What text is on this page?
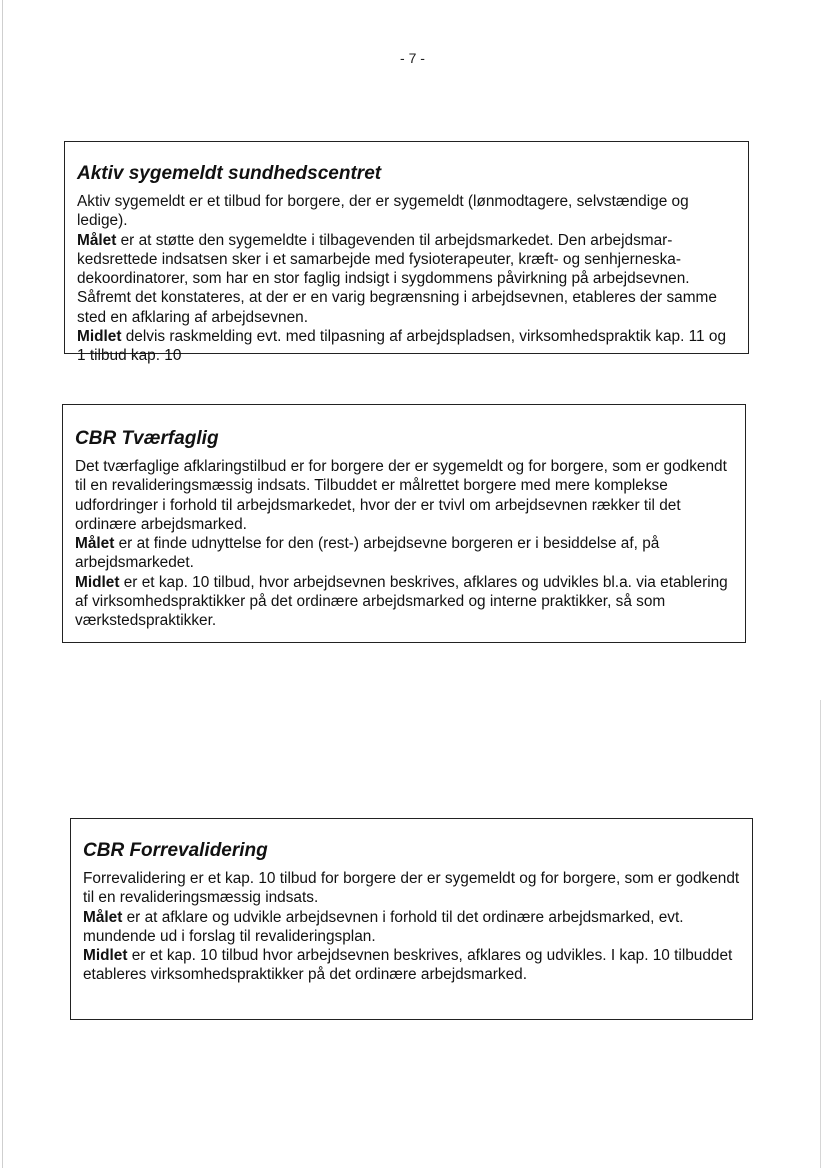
- 7 -
Aktiv sygemeldt sundhedscentret

Aktiv sygemeldt er et tilbud for borgere, der er sygemeldt (lønmodtagere, selvstændige og ledige).

Målet er at støtte den sygemeldte i tilbagevenden til arbejdsmarkedet. Den arbejdsmar-kedsrettede indsatsen sker i et samarbejde med fysioterapeuter, kræft- og senhjerneska-dekoordinatorer, som har en stor faglig indsigt i sygdommens påvirkning på arbejdsevnen. Såfremt det konstateres, at der er en varig begrænsning i arbejdsevnen, etableres der samme sted en afklaring af arbejdsevnen.

Midlet delvis raskmelding evt. med tilpasning af arbejdspladsen, virksomhedspraktik kap. 11 og 1 tilbud kap. 10

CBR Tværfaglig

Det tværfaglige afklaringstilbud er for borgere der er sygemeldt og for borgere, som er godkendt til en revalideringsmæssig indsats. Tilbuddet er målrettet borgere med mere komplekse udfordringer i forhold til arbejdsmarkedet, hvor der er tvivl om arbejdsevnen rækker til det ordinære arbejdsmarked.

Målet er at finde udnyttelse for den (rest-) arbejdsevne borgeren er i besiddelse af, på arbejdsmarkedet.

Midlet er et kap. 10 tilbud, hvor arbejdsevnen beskrives, afklares og udvikles bl.a. via etablering af virksomhedspraktikker på det ordinære arbejdsmarked og interne praktikker, så som værkstedspraktikker.

CBR Forrevalidering

Forrevalidering er et kap. 10 tilbud for borgere der er sygemeldt og for borgere, som er godkendt til en revalideringsmæssig indsats.

Målet er at afklare og udvikle arbejdsevnen i forhold til det ordinære arbejdsmarked, evt. mundende ud i forslag til revalideringsplan.

Midlet er et kap. 10 tilbud hvor arbejdsevnen beskrives, afklares og udvikles. I kap. 10 tilbuddet etableres virksomhedspraktikker på det ordinære arbejdsmarked.
